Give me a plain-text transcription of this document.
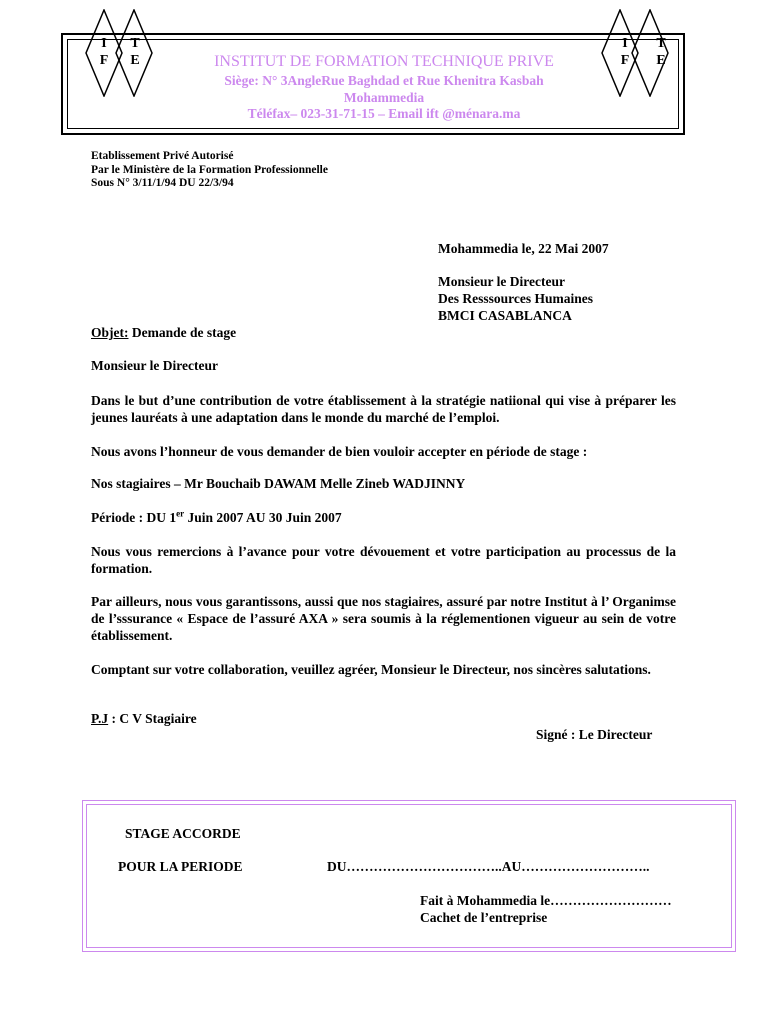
I	T
F E
I	T
F E
INSTITUT DE FORMATION TECHNIQUE PRIVE
Siège: N° 3AngleRue Baghdad et Rue Khenitra Kasbah
Mohammedia
Téléfax– 023-31-71-15 – Email ift @ménara.ma
Etablissement Privé Autorisé
Par le Ministère de la Formation Professionnelle
Sous N° 3/11/1/94 DU 22/3/94
Mohammedia le, 22 Mai 2007
Monsieur le Directeur
Des Resssources Humaines
BMCI CASABLANCA
Objet: Demande de stage
Monsieur le Directeur
Dans le but d’une contribution de votre établissement à la stratégie natiional qui vise à préparer les jeunes lauréats à une adaptation dans le monde du marché de l’emploi.
Nous avons l’honneur de vous demander de bien vouloir accepter en période de stage :
Nos stagiaires – Mr Bouchaib DAWAM Melle Zineb WADJINNY
Période : DU 1er Juin 2007 AU 30 Juin 2007
Nous vous remercions à l’avance pour votre dévouement et votre participation au processus de la formation.
Par ailleurs, nous vous garantissons, aussi que nos stagiaires, assuré par notre Institut à l’ Organimse de l’sssurance « Espace de l’assuré AXA » sera soumis à la réglementionen vigueur au sein de votre établissement.
Comptant sur votre collaboration, veuillez agréer, Monsieur le Directeur, nos sincères salutations.
P.J : C V Stagiaire
Signé : Le Directeur
STAGE ACCORDE
POUR LA PERIODE	DU……………………………..AU………………………..
Fait à Mohammedia le………………………
Cachet de l’entreprise
